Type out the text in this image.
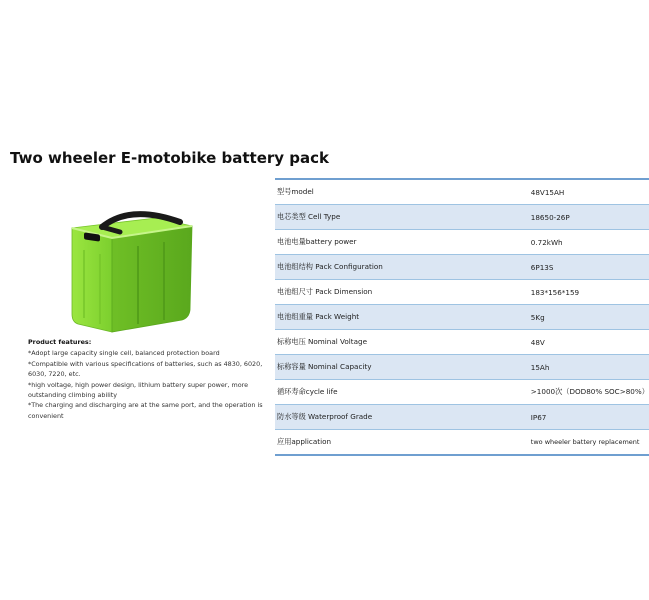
Two wheeler E-motobike battery pack
Product features:
*Adopt large capacity single cell, balanced protection board
*Compatible with various specifications of batteries, such as 4830, 6020, 6030, 7220, etc.
*high voltage, high power design, lithium battery super power, more outstanding climbing ability
*The charging and discharging are at the same port, and the operation is convenient
型号model	48V15AH
电芯类型 Cell Type	18650-26P
电池电量battery power	0.72kWh
电池组结构 Pack Configuration	6P13S
电池组尺寸 Pack Dimension	183*156*159
电池组重量 Pack Weight	5Kg
标称电压 Nominal Voltage	48V
标称容量 Nominal Capacity	15Ah
循环寿命cycle life	>1000次（DOD80% SOC>80%）
防水等级 Waterproof Grade	IP67
应用application	two wheeler battery replacement
